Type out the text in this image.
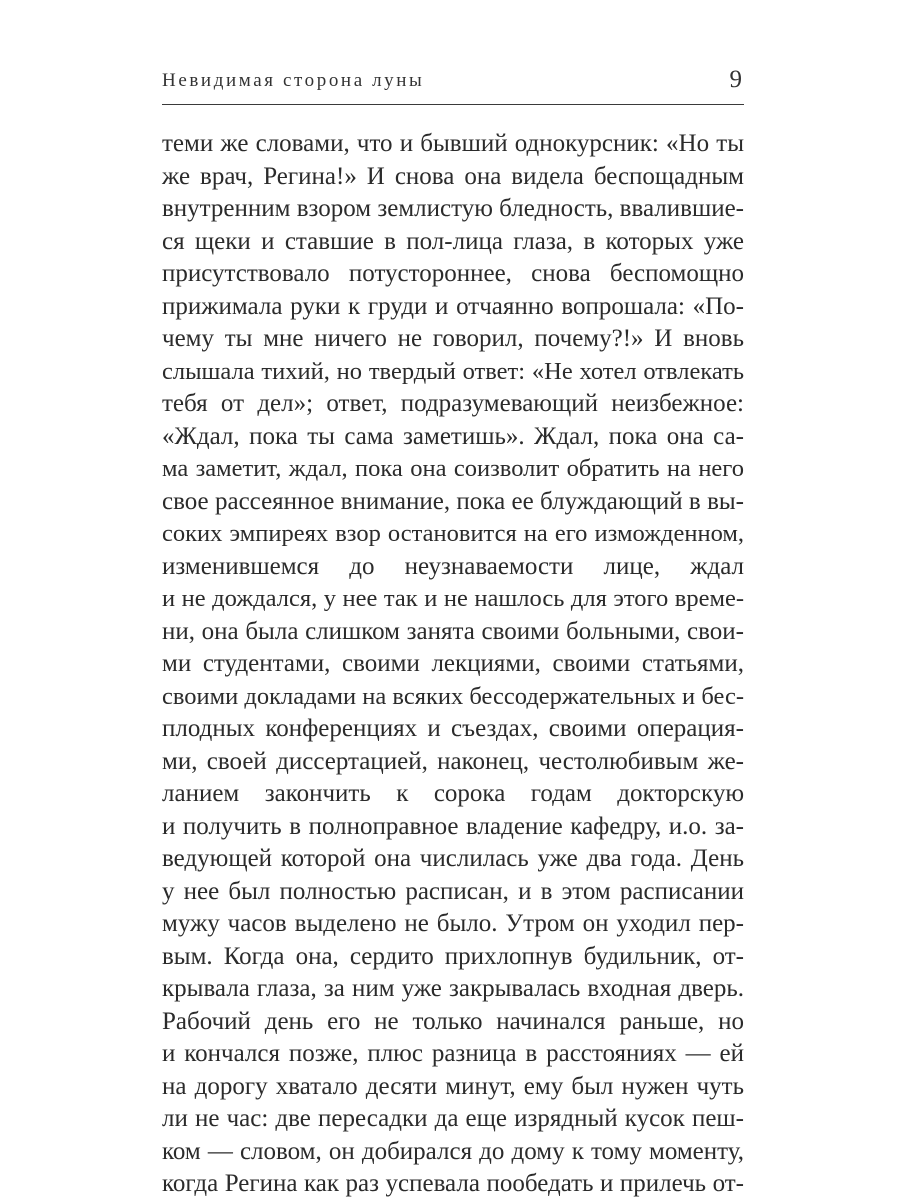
Невидимая сторона луны	9
теми же словами, что и бывший однокурсник: «Но ты
же врач, Регина!» И снова она видела беспощадным
внутренним взором землистую бледность, ввалившие-
ся щеки и ставшие в пол-лица глаза, в которых уже
присутствовало потустороннее, снова беспомощно
прижимала руки к груди и отчаянно вопрошала: «По-
чему ты мне ничего не говорил, почему?!» И вновь
слышала тихий, но твердый ответ: «Не хотел отвлекать
тебя от дел»; ответ, подразумевающий неизбежное:
«Ждал, пока ты сама заметишь». Ждал, пока она са-
ма заметит, ждал, пока она соизволит обратить на него
свое рассеянное внимание, пока ее блуждающий в вы-
соких эмпиреях взор остановится на его изможденном,
изменившемся до неузнаваемости лице, ждал
и не дождался, у нее так и не нашлось для этого време-
ни, она была слишком занята своими больными, свои-
ми студентами, своими лекциями, своими статьями,
своими докладами на всяких бессодержательных и бес-
плодных конференциях и съездах, своими операция-
ми, своей диссертацией, наконец, честолюбивым же-
ланием закончить к сорока годам докторскую
и получить в полноправное владение кафедру, и.о. за-
ведующей которой она числилась уже два года. День
у нее был полностью расписан, и в этом расписании
мужу часов выделено не было. Утром он уходил пер-
вым. Когда она, сердито прихлопнув будильник, от-
крывала глаза, за ним уже закрывалась входная дверь.
Рабочий день его не только начинался раньше, но
и кончался позже, плюс разница в расстояниях — ей
на дорогу хватало десяти минут, ему был нужен чуть
ли не час: две пересадки да еще изрядный кусок пеш-
ком — словом, он добирался до дому к тому моменту,
когда Регина как раз успевала пообедать и прилечь от-
